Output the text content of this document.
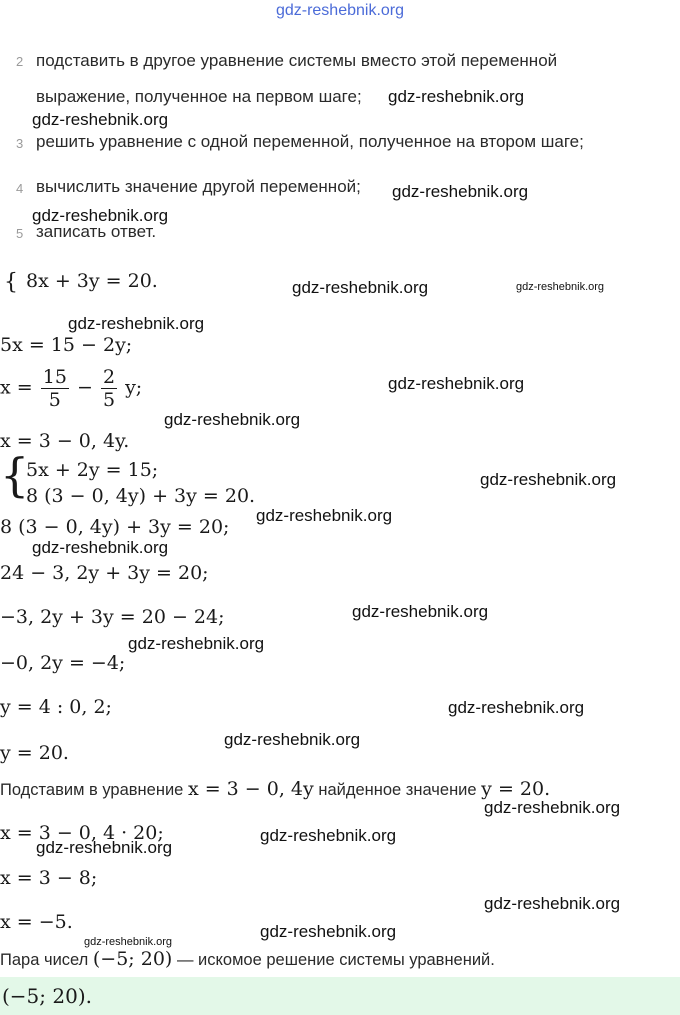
gdz-reshebnik.org
2 подставить в другое уравнение системы вместо этой переменной
выражение, полученное на первом шаге;
3 решить уравнение с одной переменной, полученное на втором шаге;
4 вычислить значение другой переменной;
5 записать ответ.
{ 8x + 3y = 20.
5x = 15 − 2y;
$x = \frac{15}{5} - \frac{2}{5} y$;
x = 3 − 0, 4y.
{
5x + 2y = 15;
8 (3 − 0, 4y) + 3y = 20.
8 (3 − 0, 4y) + 3y = 20;
24 − 3, 2y + 3y = 20;
−3, 2y + 3y = 20 − 24;
−0, 2y = −4;
y = 4 : 0, 2;
y = 20.
Подставим в уравнение x = 3 − 0, 4y найденное значение y = 20.
x = 3 − 0, 4 · 20;
x = 3 − 8;
x = −5.
Пара чисел (−5; 20) — искомое решение системы уравнений.
(−5; 20).
gdz-reshebnik.org
gdz-reshebnik.org
gdz-reshebnik.org
gdz-reshebnik.org
gdz-reshebnik.org	gdz-reshebnik.org
gdz-reshebnik.org
gdz-reshebnik.org
gdz-reshebnik.org
gdz-reshebnik.org
gdz-reshebnik.org
gdz-reshebnik.org
gdz-reshebnik.org
gdz-reshebnik.org
gdz-reshebnik.org
gdz-reshebnik.org
gdz-reshebnik.org
gdz-reshebnik.org
gdz-reshebnik.org
gdz-reshebnik.org
gdz-reshebnik.org
gdz-reshebnik.org
